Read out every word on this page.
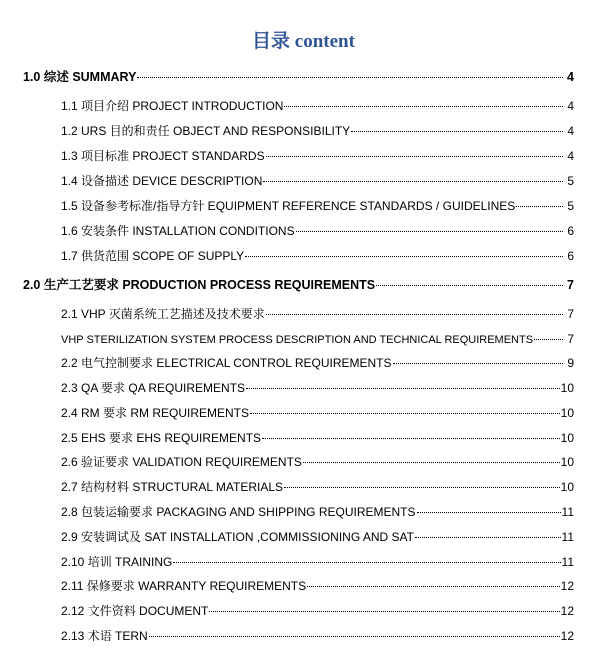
目录 content
1.0 综述 SUMMARY	4
1.1 项目介绍 PROJECT INTRODUCTION	4
1.2 URS 目的和责任 OBJECT AND RESPONSIBILITY	4
1.3 项目标准 PROJECT STANDARDS	4
1.4 设备描述 DEVICE DESCRIPTION	5
1.5 设备参考标准/指导方针 EQUIPMENT REFERENCE STANDARDS / GUIDELINES	5
1.6 安装条件 INSTALLATION CONDITIONS	6
1.7 供货范围 SCOPE OF SUPPLY	6
2.0 生产工艺要求 PRODUCTION PROCESS REQUIREMENTS	7
2.1 VHP 灭菌系统工艺描述及技术要求	7
VHP STERILIZATION SYSTEM PROCESS DESCRIPTION AND TECHNICAL REQUIREMENTS	7
2.2 电气控制要求 ELECTRICAL CONTROL REQUIREMENTS	9
2.3 QA 要求 QA REQUIREMENTS	10
2.4 RM 要求 RM REQUIREMENTS	10
2.5 EHS 要求 EHS REQUIREMENTS	10
2.6 验证要求 VALIDATION REQUIREMENTS	10
2.7 结构材料 STRUCTURAL MATERIALS	10
2.8 包装运输要求 PACKAGING AND SHIPPING REQUIREMENTS	11
2.9 安装调试及 SAT INSTALLATION ,COMMISSIONING AND SAT	11
2.10 培训 TRAINING	11
2.11 保修要求 WARRANTY REQUIREMENTS	12
2.12 文件资料 DOCUMENT	12
2.13 术语 TERN	12
